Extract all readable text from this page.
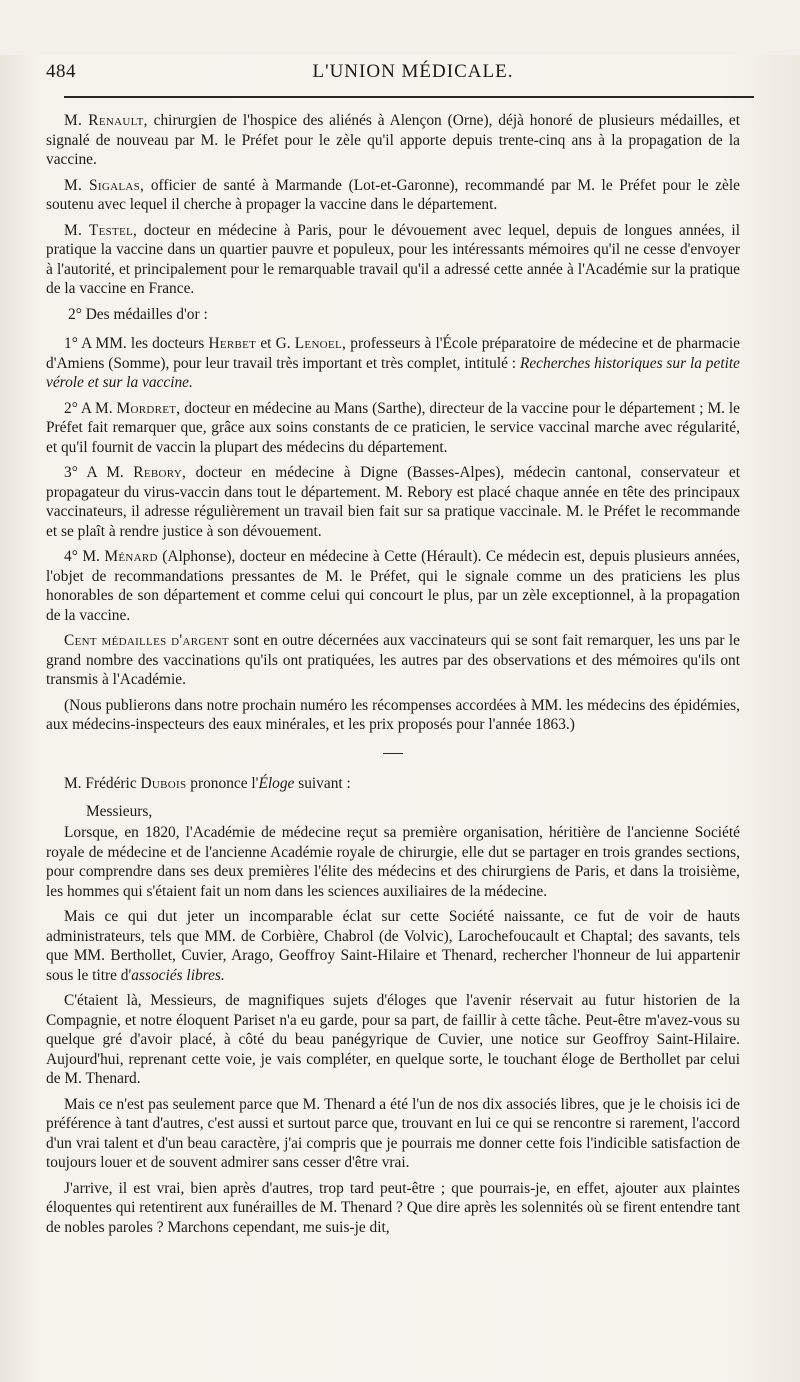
484	L'UNION MÉDICALE.

M. Renault, chirurgien de l'hospice des aliénés à Alençon (Orne), déjà honoré de plusieurs médailles, et signalé de nouveau par M. le Préfet pour le zèle qu'il apporte depuis trente-cinq ans à la propagation de la vaccine.

M. Sigalas, officier de santé à Marmande (Lot-et-Garonne), recommandé par M. le Préfet pour le zèle soutenu avec lequel il cherche à propager la vaccine dans le département.

M. Testel, docteur en médecine à Paris, pour le dévouement avec lequel, depuis de longues années, il pratique la vaccine dans un quartier pauvre et populeux, pour les intéressants mémoires qu'il ne cesse d'envoyer à l'autorité, et principalement pour le remarquable travail qu'il a adressé cette année à l'Académie sur la pratique de la vaccine en France.

2° Des médailles d'or :

1° A MM. les docteurs Herbet et G. Lenoel, professeurs à l'École préparatoire de médecine et de pharmacie d'Amiens (Somme), pour leur travail très important et très complet, intitulé : Recherches historiques sur la petite vérole et sur la vaccine.

2° A M. Mordret, docteur en médecine au Mans (Sarthe), directeur de la vaccine pour le département ; M. le Préfet fait remarquer que, grâce aux soins constants de ce praticien, le service vaccinal marche avec régularité, et qu'il fournit de vaccin la plupart des médecins du département.

3° A M. Rebory, docteur en médecine à Digne (Basses-Alpes), médecin cantonal, conservateur et propagateur du virus-vaccin dans tout le département. M. Rebory est placé chaque année en tête des principaux vaccinateurs, il adresse régulièrement un travail bien fait sur sa pratique vaccinale. M. le Préfet le recommande et se plaît à rendre justice à son dévouement.

4° M. Ménard (Alphonse), docteur en médecine à Cette (Hérault). Ce médecin est, depuis plusieurs années, l'objet de recommandations pressantes de M. le Préfet, qui le signale comme un des praticiens les plus honorables de son département et comme celui qui concourt le plus, par un zèle exceptionnel, à la propagation de la vaccine.

Cent médailles d'argent sont en outre décernées aux vaccinateurs qui se sont fait remarquer, les uns par le grand nombre des vaccinations qu'ils ont pratiquées, les autres par des observations et des mémoires qu'ils ont transmis à l'Académie.

(Nous publierons dans notre prochain numéro les récompenses accordées à MM. les médecins des épidémies, aux médecins-inspecteurs des eaux minérales, et les prix proposés pour l'année 1863.)

M. Frédéric Dubois prononce l'Éloge suivant :

Messieurs,

Lorsque, en 1820, l'Académie de médecine reçut sa première organisation, héritière de l'ancienne Société royale de médecine et de l'ancienne Académie royale de chirurgie, elle dut se partager en trois grandes sections, pour comprendre dans ses deux premières l'élite des médecins et des chirurgiens de Paris, et dans la troisième, les hommes qui s'étaient fait un nom dans les sciences auxiliaires de la médecine.

Mais ce qui dut jeter un incomparable éclat sur cette Société naissante, ce fut de voir de hauts administrateurs, tels que MM. de Corbière, Chabrol (de Volvic), Larochefoucault et Chaptal; des savants, tels que MM. Berthollet, Cuvier, Arago, Geoffroy Saint-Hilaire et Thenard, rechercher l'honneur de lui appartenir sous le titre d'associés libres.

C'étaient là, Messieurs, de magnifiques sujets d'éloges que l'avenir réservait au futur historien de la Compagnie, et notre éloquent Pariset n'a eu garde, pour sa part, de faillir à cette tâche. Peut-être m'avez-vous su quelque gré d'avoir placé, à côté du beau panégyrique de Cuvier, une notice sur Geoffroy Saint-Hilaire. Aujourd'hui, reprenant cette voie, je vais compléter, en quelque sorte, le touchant éloge de Berthollet par celui de M. Thenard.

Mais ce n'est pas seulement parce que M. Thenard a été l'un de nos dix associés libres, que je le choisis ici de préférence à tant d'autres, c'est aussi et surtout parce que, trouvant en lui ce qui se rencontre si rarement, l'accord d'un vrai talent et d'un beau caractère, j'ai compris que je pourrais me donner cette fois l'indicible satisfaction de toujours louer et de souvent admirer sans cesser d'être vrai.

J'arrive, il est vrai, bien après d'autres, trop tard peut-être ; que pourrais-je, en effet, ajouter aux plaintes éloquentes qui retentirent aux funérailles de M. Thenard ? Que dire après les solennités où se firent entendre tant de nobles paroles ? Marchons cependant, me suis-je dit,
